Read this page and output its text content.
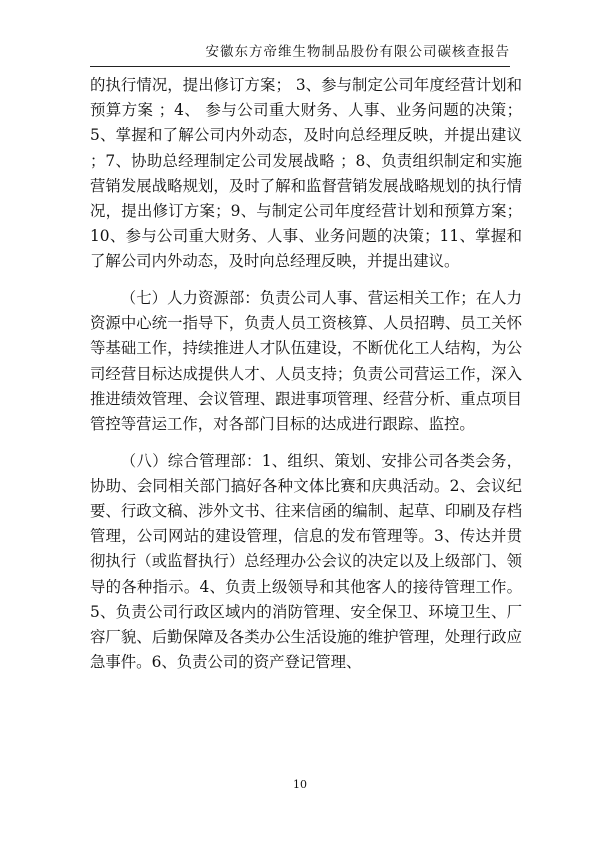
安徽东方帝维生物制品股份有限公司碳核查报告

的执行情况，提出修订方案； 3、参与制定公司年度经营计划和预算方案 ；4、 参与公司重大财务、人事、业务问题的决策；5、掌握和了解公司内外动态，及时向总经理反映，并提出建议 ；7、协助总经理制定公司发展战略 ；8、负责组织制定和实施营销发展战略规划，及时了解和监督营销发展战略规划的执行情况，提出修订方案；9、与制定公司年度经营计划和预算方案；10、参与公司重大财务、人事、业务问题的决策；11、掌握和了解公司内外动态，及时向总经理反映，并提出建议。

（七）人力资源部：负责公司人事、营运相关工作；在人力资源中心统一指导下，负责人员工资核算、人员招聘、员工关怀等基础工作，持续推进人才队伍建设，不断优化工人结构，为公司经营目标达成提供人才、人员支持；负责公司营运工作，深入推进绩效管理、会议管理、跟进事项管理、经营分析、重点项目管控等营运工作，对各部门目标的达成进行跟踪、监控。

（八）综合管理部：1、组织、策划、安排公司各类会务，协助、会同相关部门搞好各种文体比赛和庆典活动。2、会议纪要、行政文稿、涉外文书、往来信函的编制、起草、印刷及存档管理，公司网站的建设管理，信息的发布管理等。3、传达并贯彻执行（或监督执行）总经理办公会议的决定以及上级部门、领导的各种指示。4、负责上级领导和其他客人的接待管理工作。5、负责公司行政区域内的消防管理、安全保卫、环境卫生、厂容厂貌、后勤保障及各类办公生活设施的维护管理，处理行政应急事件。6、负责公司的资产登记管理、

10
